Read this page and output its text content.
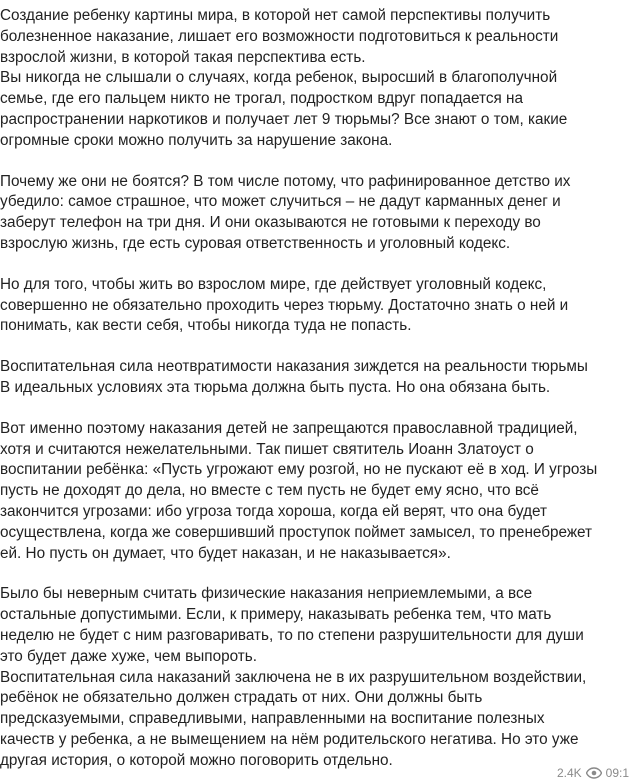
Создание ребенку картины мира, в которой нет самой перспективы получить
болезненное наказание, лишает его возможности подготовиться к реальности
взрослой жизни, в которой такая перспектива есть.
Вы никогда не слышали о случаях, когда ребенок, выросший в благополучной
семье, где его пальцем никто не трогал, подростком вдруг попадается на
распространении наркотиков и получает лет 9 тюрьмы? Все знают о том, какие
огромные сроки можно получить за нарушение закона.

Почему же они не боятся? В том числе потому, что рафинированное детство их
убедило: самое страшное, что может случиться – не дадут карманных денег и
заберут телефон на три дня. И они оказываются не готовыми к переходу во
взрослую жизнь, где есть суровая ответственность и уголовный кодекс.

Но для того, чтобы жить во взрослом мире, где действует уголовный кодекс,
совершенно не обязательно проходить через тюрьму. Достаточно знать о ней и
понимать, как вести себя, чтобы никогда туда не попасть.

Воспитательная сила неотвратимости наказания зиждется на реальности тюрьмы
В идеальных условиях эта тюрьма должна быть пуста. Но она обязана быть.

Вот именно поэтому наказания детей не запрещаются православной традицией,
хотя и считаются нежелательными. Так пишет святитель Иоанн Златоуст о
воспитании ребёнка: «Пусть угрожают ему розгой, но не пускают её в ход. И угрозы
пусть не доходят до дела, но вместе с тем пусть не будет ему ясно, что всё
закончится угрозами: ибо угроза тогда хороша, когда ей верят, что она будет
осуществлена, когда же совершивший проступок поймет замысел, то пренебрежет
ей. Но пусть он думает, что будет наказан, и не наказывается».

Было бы неверным считать физические наказания неприемлемыми, а все
остальные допустимыми. Если, к примеру, наказывать ребенка тем, что мать
неделю не будет с ним разговаривать, то по степени разрушительности для души
это будет даже хуже, чем выпороть.
Воспитательная сила наказаний заключена не в их разрушительном воздействии,
ребёнок не обязательно должен страдать от них. Они должны быть
предсказуемыми, справедливыми, направленными на воспитание полезных
качеств у ребенка, а не вымещением на нём родительского негатива. Но это уже
другая история, о которой можно поговорить отдельно.

2.4K 09:1
